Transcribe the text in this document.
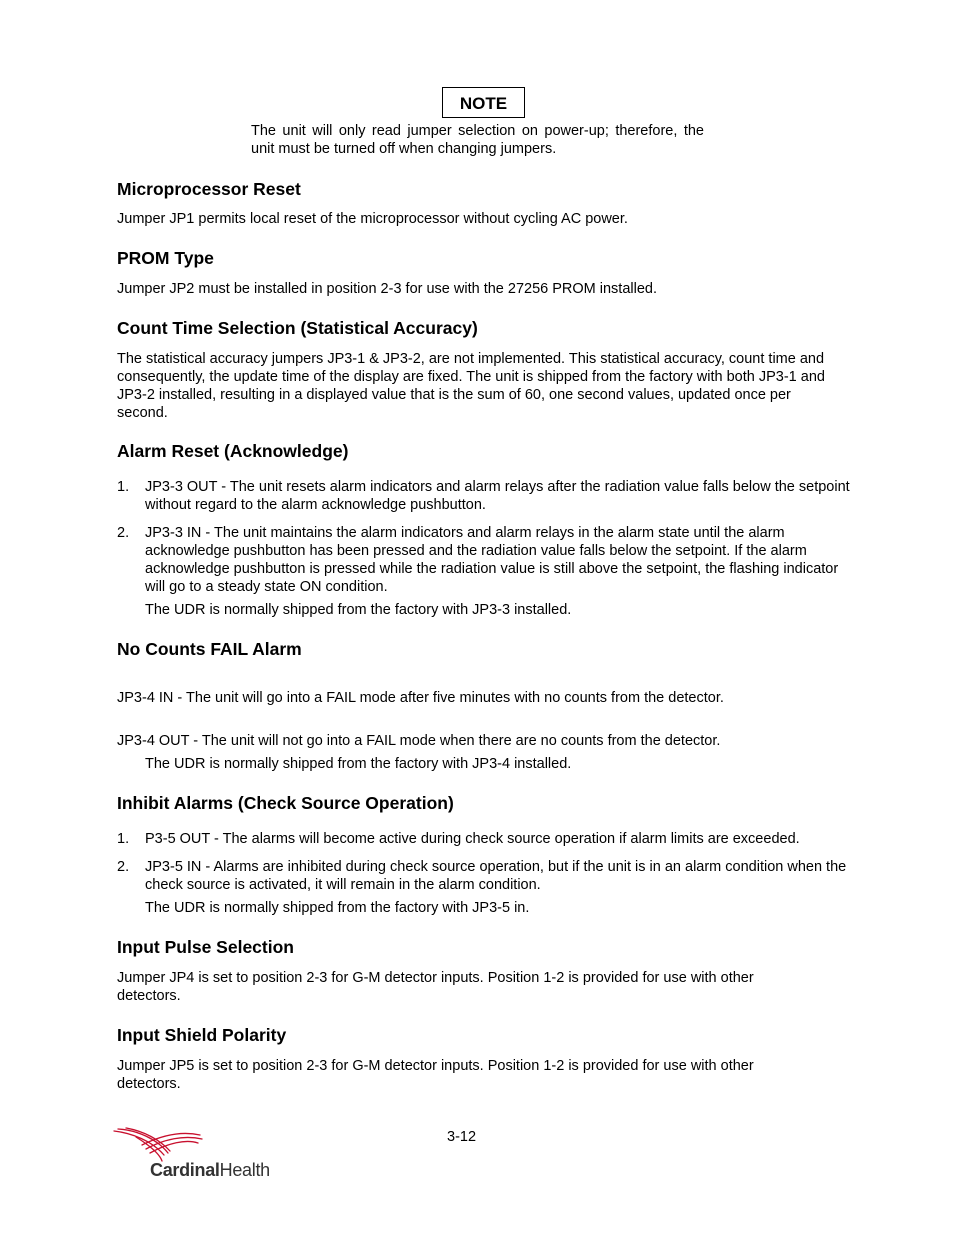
NOTE
The unit will only read jumper selection on power-up; therefore, the unit must be turned off when changing jumpers.
Microprocessor Reset
Jumper JP1 permits local reset of the microprocessor without cycling AC power.
PROM Type
Jumper JP2 must be installed in position 2-3 for use with the 27256 PROM installed.
Count Time Selection (Statistical Accuracy)
The statistical accuracy jumpers JP3-1 & JP3-2, are not implemented. This statistical accuracy, count time and consequently, the update time of the display are fixed. The unit is shipped from the factory with both JP3-1 and JP3-2 installed, resulting in a displayed value that is the sum of 60, one second values, updated once per second.
Alarm Reset (Acknowledge)
1. JP3-3 OUT - The unit resets alarm indicators and alarm relays after the radiation value falls below the setpoint without regard to the alarm acknowledge pushbutton.
2. JP3-3 IN - The unit maintains the alarm indicators and alarm relays in the alarm state until the alarm acknowledge pushbutton has been pressed and the radiation value falls below the setpoint. If the alarm acknowledge pushbutton is pressed while the radiation value is still above the setpoint, the flashing indicator will go to a steady state ON condition.
The UDR is normally shipped from the factory with JP3-3 installed.
No Counts FAIL Alarm
JP3-4 IN - The unit will go into a FAIL mode after five minutes with no counts from the detector.
JP3-4 OUT - The unit will not go into a FAIL mode when there are no counts from the detector.
The UDR is normally shipped from the factory with JP3-4 installed.
Inhibit Alarms (Check Source Operation)
1. P3-5 OUT - The alarms will become active during check source operation if alarm limits are exceeded.
2. JP3-5 IN - Alarms are inhibited during check source operation, but if the unit is in an alarm condition when the check source is activated, it will remain in the alarm condition.
The UDR is normally shipped from the factory with JP3-5 in.
Input Pulse Selection
Jumper JP4 is set to position 2-3 for G-M detector inputs. Position 1-2 is provided for use with other detectors.
Input Shield Polarity
Jumper JP5 is set to position 2-3 for G-M detector inputs. Position 1-2 is provided for use with other detectors.
3-12
CardinalHealth
